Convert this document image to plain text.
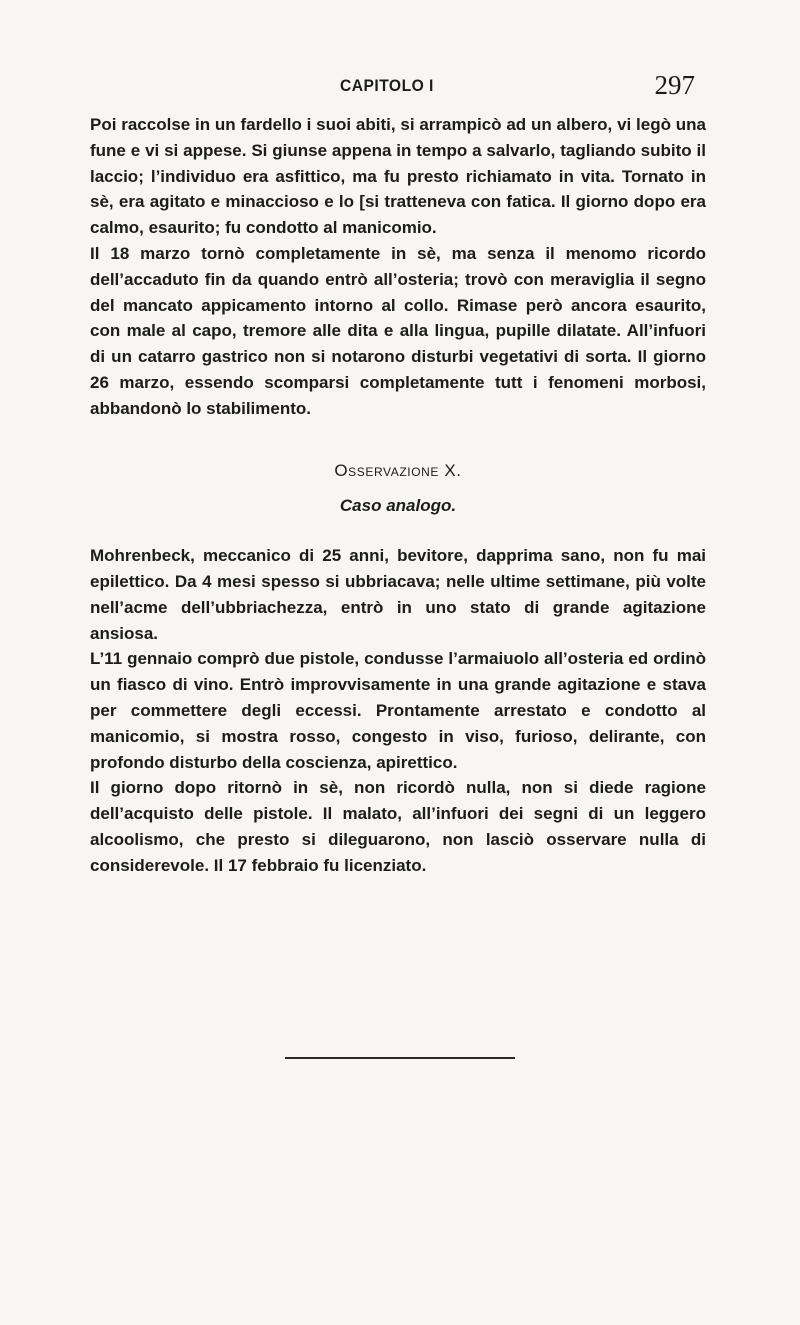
CAPITOLO I	297

Poi raccolse in un fardello i suoi abiti, si arrampicò ad un albero, vi legò una fune e vi si appese. Si giunse appena in tempo a salvarlo, tagliando subito il laccio; l’individuo era asfittico, ma fu presto richiamato in vita. Tornato in sè, era agitato e minaccioso e lo [si tratteneva con fatica. Il giorno dopo era calmo, esaurito; fu condotto al manicomio.

Il 18 marzo tornò completamente in sè, ma senza il menomo ricordo dell’accaduto fin da quando entrò all’osteria; trovò con meraviglia il segno del mancato appicamento intorno al collo. Rimase però ancora esaurito, con male al capo, tremore alle dita e alla lingua, pupille dilatate. All’infuori di un catarro gastrico non si notarono disturbi vegetativi di sorta. Il giorno 26 marzo, essendo scomparsi completamente tutt i fenomeni morbosi, abbandonò lo stabilimento.

Osservazione X.
Caso analogo.

Mohrenbeck, meccanico di 25 anni, bevitore, dapprima sano, non fu mai epilettico. Da 4 mesi spesso si ubbriacava; nelle ultime settimane, più volte nell’acme dell’ubbriachezza, entrò in uno stato di grande agitazione ansiosa.

L’11 gennaio comprò due pistole, condusse l’armaiuolo all’osteria ed ordinò un fiasco di vino. Entrò improvvisamente in una grande agitazione e stava per commettere degli eccessi. Prontamente arrestato e condotto al manicomio, si mostra rosso, congesto in viso, furioso, delirante, con profondo disturbo della coscienza, apirettico.

Il giorno dopo ritornò in sè, non ricordò nulla, non si diede ragione dell’acquisto delle pistole. Il malato, all’infuori dei segni di un leggero alcoolismo, che presto si dileguarono, non lasciò osservare nulla di considerevole. Il 17 febbraio fu licenziato.
